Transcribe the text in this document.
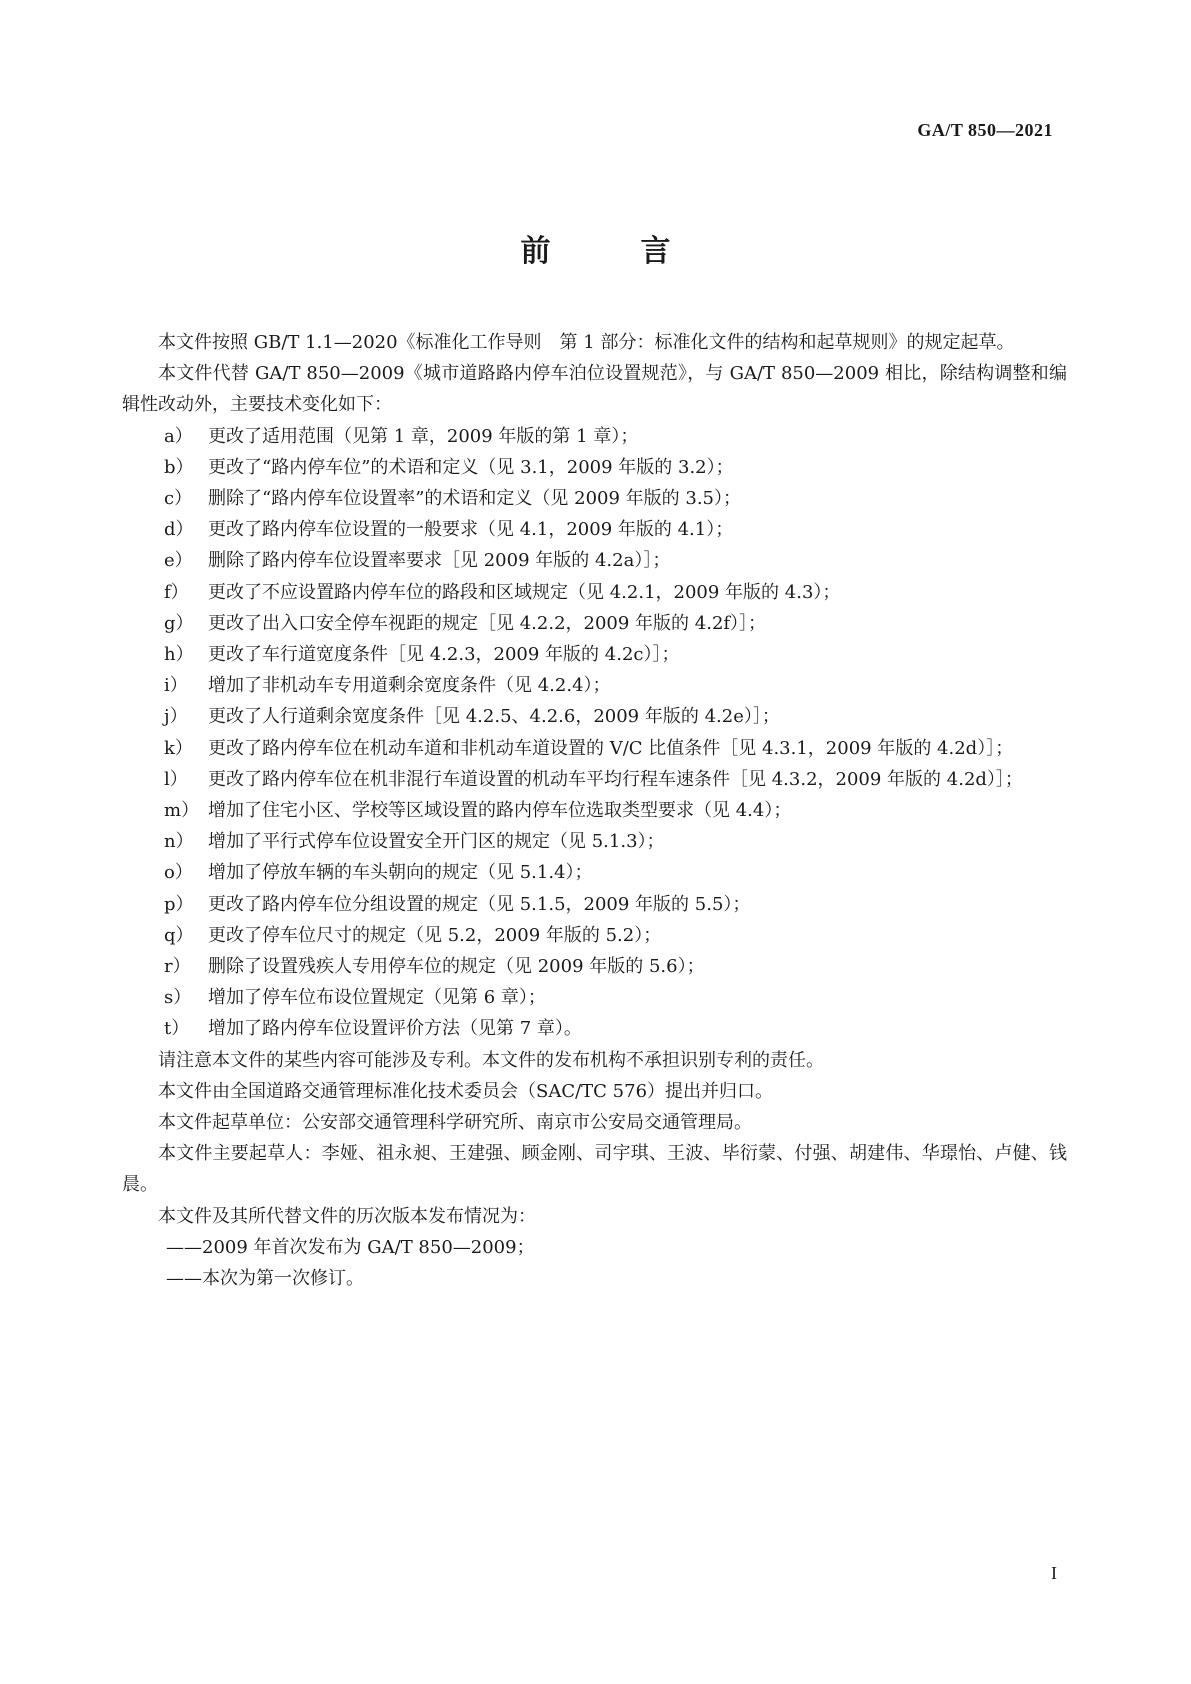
GA/T 850—2021
前　言

本文件按照 GB/T 1.1—2020《标准化工作导则　第 1 部分：标准化文件的结构和起草规则》的规定起草。

本文件代替 GA/T 850—2009《城市道路路内停车泊位设置规范》，与 GA/T 850—2009 相比，除结构调整和编辑性改动外，主要技术变化如下：

a） 更改了适用范围（见第 1 章，2009 年版的第 1 章）；
b） 更改了“路内停车位”的术语和定义（见 3.1，2009 年版的 3.2）；
c） 删除了“路内停车位设置率”的术语和定义（见 2009 年版的 3.5）；
d） 更改了路内停车位设置的一般要求（见 4.1，2009 年版的 4.1）；
e） 删除了路内停车位设置率要求［见 2009 年版的 4.2a）］；
f）	更改了不应设置路内停车位的路段和区域规定（见 4.2.1，2009 年版的 4.3）；
g） 更改了出入口安全停车视距的规定［见 4.2.2，2009 年版的 4.2f）］；
h） 更改了车行道宽度条件［见 4.2.3，2009 年版的 4.2c）］；
i）	增加了非机动车专用道剩余宽度条件（见 4.2.4）；
j）	更改了人行道剩余宽度条件［见 4.2.5、4.2.6，2009 年版的 4.2e）］；
k） 更改了路内停车位在机动车道和非机动车道设置的 V/C 比值条件［见 4.3.1，2009 年版的 4.2d）］；
l）	更改了路内停车位在机非混行车道设置的机动车平均行程车速条件［见 4.3.2，2009 年版的 4.2d）］；
m） 增加了住宅小区、学校等区域设置的路内停车位选取类型要求（见 4.4）；
n） 增加了平行式停车位设置安全开门区的规定（见 5.1.3）；
o） 增加了停放车辆的车头朝向的规定（见 5.1.4）；
p） 更改了路内停车位分组设置的规定（见 5.1.5，2009 年版的 5.5）；
q） 更改了停车位尺寸的规定（见 5.2，2009 年版的 5.2）；
r） 删除了设置残疾人专用停车位的规定（见 2009 年版的 5.6）；
s） 增加了停车位布设位置规定（见第 6 章）；
t）	增加了路内停车位设置评价方法（见第 7 章）。

请注意本文件的某些内容可能涉及专利。本文件的发布机构不承担识别专利的责任。

本文件由全国道路交通管理标准化技术委员会（SAC/TC 576）提出并归口。

本文件起草单位：公安部交通管理科学研究所、南京市公安局交通管理局。

本文件主要起草人：李娅、祖永昶、王建强、顾金刚、司宇琪、王波、毕衍蒙、付强、胡建伟、华璟怡、卢健、钱晨。

本文件及其所代替文件的历次版本发布情况为：

——2009 年首次发布为 GA/T 850—2009；

——本次为第一次修订。

I
